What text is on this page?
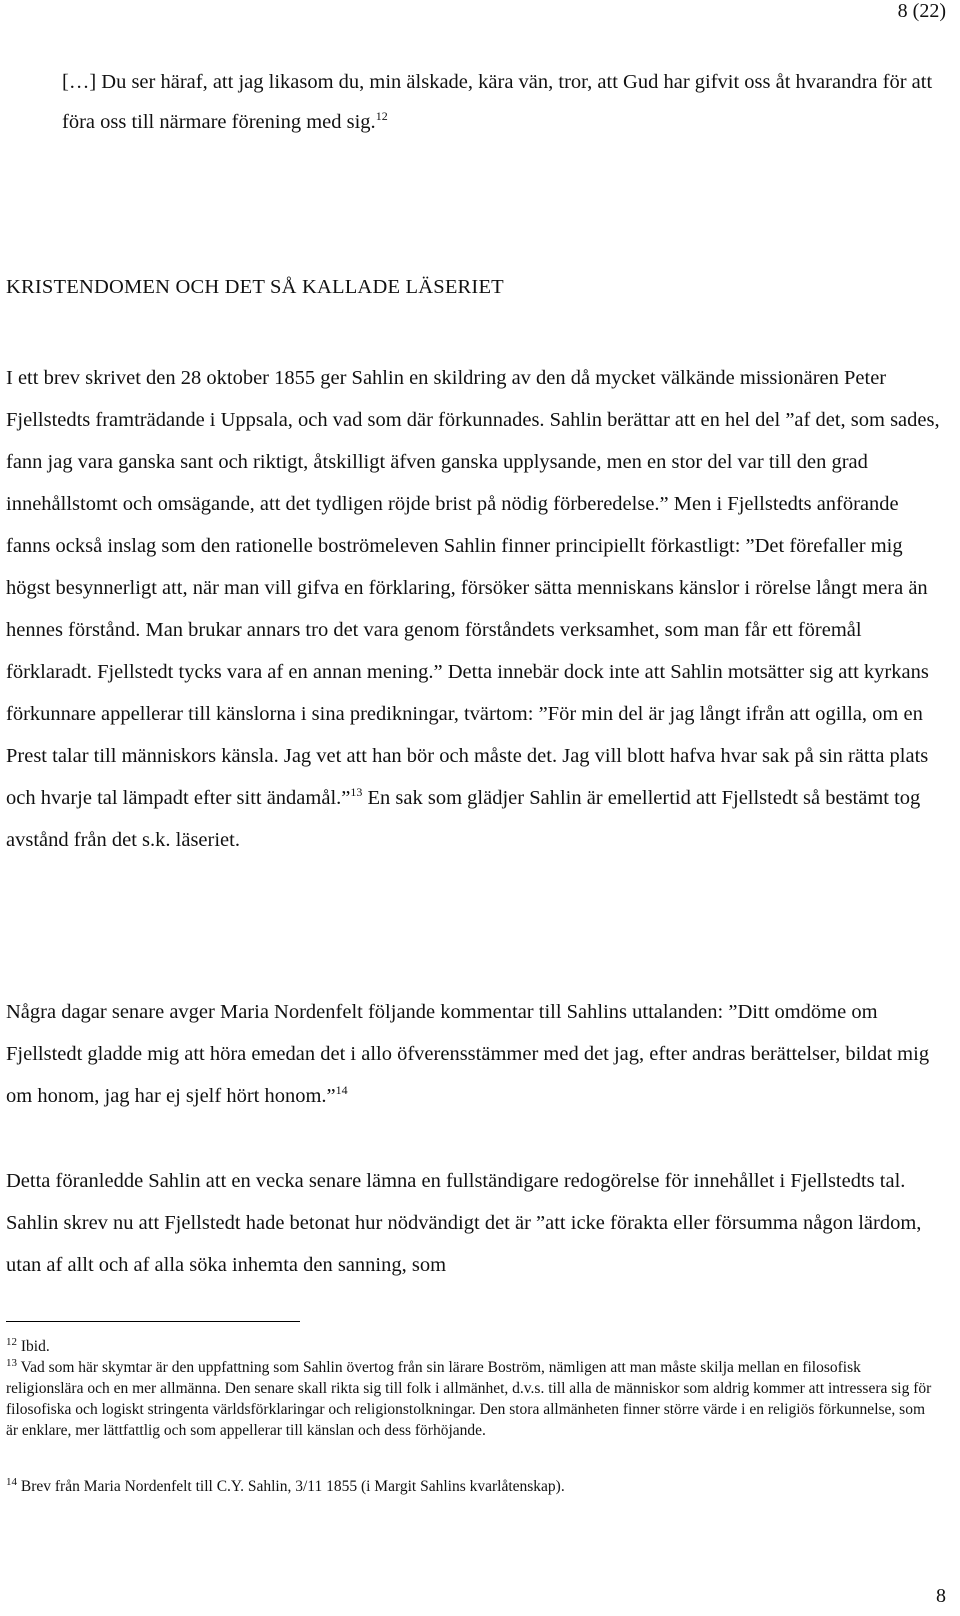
8 (22)

[…] Du ser häraf, att jag likasom du, min älskade, kära vän, tror, att Gud har gifvit oss åt hvarandra för att föra oss till närmare förening med sig.$^{12}$

KRISTENDOMEN OCH DET SÅ KALLADE LÄSERIET

I ett brev skrivet den 28 oktober 1855 ger Sahlin en skildring av den då mycket välkände missionären Peter Fjellstedts framträdande i Uppsala, och vad som där förkunnades. Sahlin berättar att en hel del ”af det, som sades, fann jag vara ganska sant och riktigt, åtskilligt äfven ganska upplysande, men en stor del var till den grad innehållstomt och omsägande, att det tydligen röjde brist på nödig förberedelse.” Men i Fjellstedts anförande fanns också inslag som den rationelle boströmeleven Sahlin finner principiellt förkastligt: ”Det förefaller mig högst besynnerligt att, när man vill gifva en förklaring, försöker sätta menniskans känslor i rörelse långt mera än hennes förstånd. Man brukar annars tro det vara genom förståndets verksamhet, som man får ett föremål förklaradt. Fjellstedt tycks vara af en annan mening.” Detta innebär dock inte att Sahlin motsätter sig att kyrkans förkunnare appellerar till känslorna i sina predikningar, tvärtom: ”För min del är jag långt ifrån att ogilla, om en Prest talar till människors känsla. Jag vet att han bör och måste det. Jag vill blott hafva hvar sak på sin rätta plats och hvarje tal lämpadt efter sitt ändamål.”$^{13}$ En sak som glädjer Sahlin är emellertid att Fjellstedt så bestämt tog avstånd från det s.k. läseriet.

Några dagar senare avger Maria Nordenfelt följande kommentar till Sahlins uttalanden: ”Ditt omdöme om Fjellstedt gladde mig att höra emedan det i allo öfverensstämmer med det jag, efter andras berättelser, bildat mig om honom, jag har ej sjelf hört honom.”$^{14}$

Detta föranledde Sahlin att en vecka senare lämna en fullständigare redogörelse för innehållet i Fjellstedts tal. Sahlin skrev nu att Fjellstedt hade betonat hur nödvändigt det är ”att icke förakta eller försumma någon lärdom, utan af allt och af alla söka inhemta den sanning, som

$^{12}$ Ibid.

$^{13}$ Vad som här skymtar är den uppfattning som Sahlin övertog från sin lärare Boström, nämligen att man måste skilja mellan en filosofisk religionslära och en mer allmänna. Den senare skall rikta sig till folk i allmänhet, d.v.s. till alla de människor som aldrig kommer att intressera sig för filosofiska och logiskt stringenta världsförklaringar och religionstolkningar. Den stora allmänheten finner större värde i en religiös förkunnelse, som är enklare, mer lättfattlig och som appellerar till känslan och dess förhöjande.

$^{14}$ Brev från Maria Nordenfelt till C.Y. Sahlin, 3/11 1855 (i Margit Sahlins kvarlåtenskap).

8
